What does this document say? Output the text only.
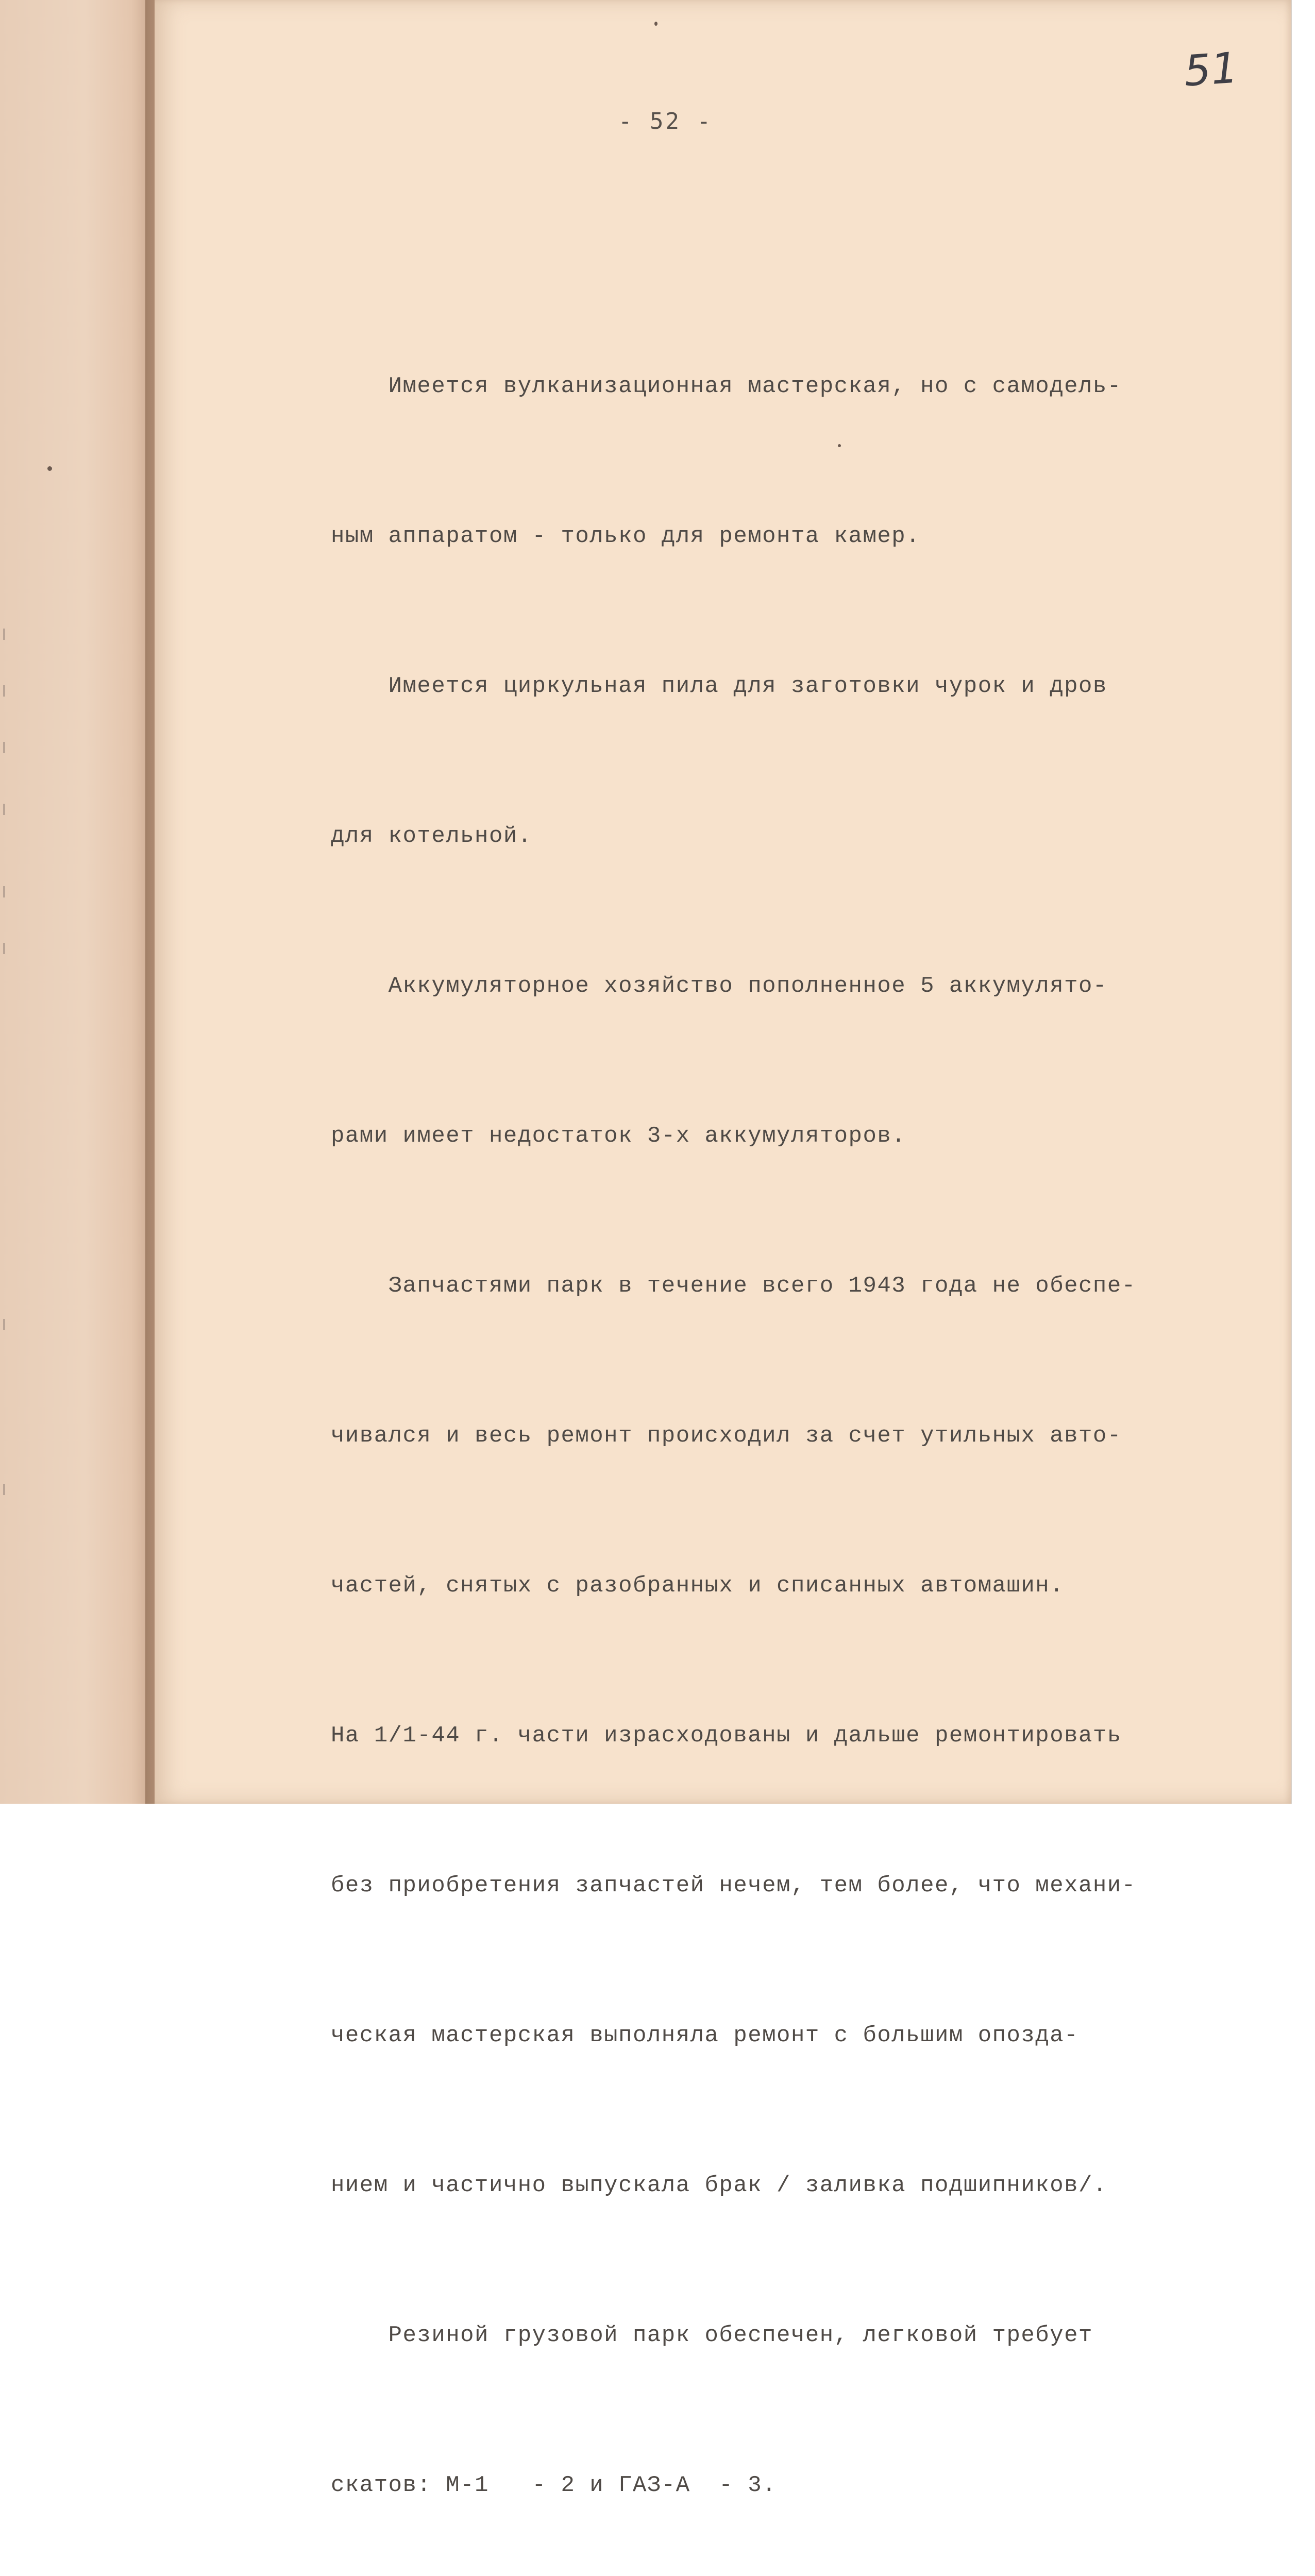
51

- 52 -

Имеется вулканизационная мастерская, но с самодель-

ным аппаратом - только для ремонта камер.

Имеется циркульная пила для заготовки чурок и дров

для котельной.

Аккумуляторное хозяйство пополненное 5 аккумулято-

рами имеет недостаток 3-х аккумуляторов.

Запчастями парк в течение всего 1943 года не обеспе-

чивался и весь ремонт происходил за счет утильных авто-

частей, снятых с разобранных и списанных автомашин.

На 1/1-44 г. части израсходованы и дальше ремонтировать

без приобретения запчастей нечем, тем более, что механи-

ческая мастерская выполняла ремонт с большим опозда-

нием и частично выпускала брак / заливка подшипников/.

Резиной грузовой парк обеспечен, легковой требует

скатов: М-1   - 2 и ГАЗ-А  - 3.
